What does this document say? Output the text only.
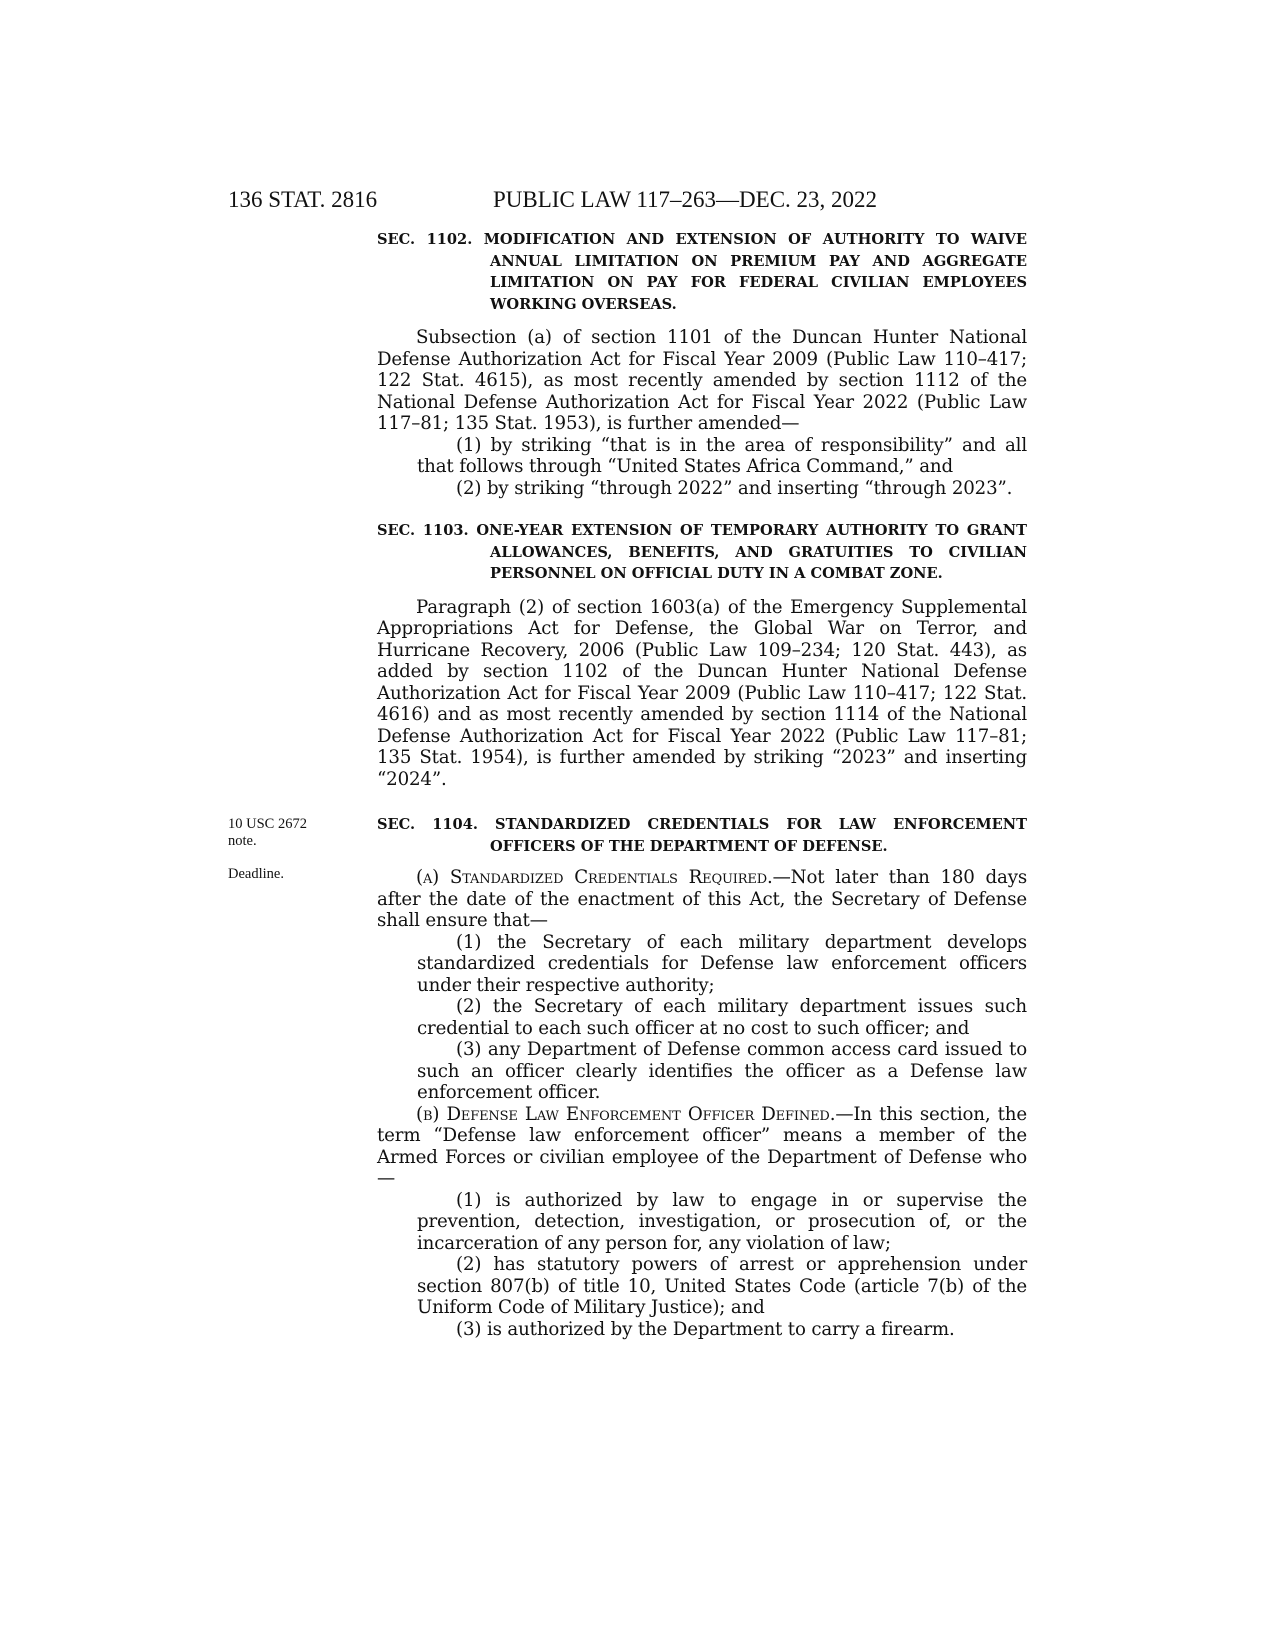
136 STAT. 2816	PUBLIC LAW 117–263—DEC. 23, 2022

SEC. 1102. MODIFICATION AND EXTENSION OF AUTHORITY TO WAIVE ANNUAL LIMITATION ON PREMIUM PAY AND AGGREGATE LIMITATION ON PAY FOR FEDERAL CIVILIAN EMPLOYEES WORKING OVERSEAS.

Subsection (a) of section 1101 of the Duncan Hunter National Defense Authorization Act for Fiscal Year 2009 (Public Law 110–417; 122 Stat. 4615), as most recently amended by section 1112 of the National Defense Authorization Act for Fiscal Year 2022 (Public Law 117–81; 135 Stat. 1953), is further amended—

(1) by striking “that is in the area of responsibility” and all that follows through “United States Africa Command,” and

(2) by striking “through 2022” and inserting “through 2023”.

SEC. 1103. ONE-YEAR EXTENSION OF TEMPORARY AUTHORITY TO GRANT ALLOWANCES, BENEFITS, AND GRATUITIES TO CIVILIAN PERSONNEL ON OFFICIAL DUTY IN A COMBAT ZONE.

Paragraph (2) of section 1603(a) of the Emergency Supplemental Appropriations Act for Defense, the Global War on Terror, and Hurricane Recovery, 2006 (Public Law 109–234; 120 Stat. 443), as added by section 1102 of the Duncan Hunter National Defense Authorization Act for Fiscal Year 2009 (Public Law 110–417; 122 Stat. 4616) and as most recently amended by section 1114 of the National Defense Authorization Act for Fiscal Year 2022 (Public Law 117–81; 135 Stat. 1954), is further amended by striking “2023” and inserting “2024”.

10 USC 2672 note.
Deadline.

SEC. 1104. STANDARDIZED CREDENTIALS FOR LAW ENFORCEMENT OFFICERS OF THE DEPARTMENT OF DEFENSE.

(a) Standardized Credentials Required.—Not later than 180 days after the date of the enactment of this Act, the Secretary of Defense shall ensure that—

(1) the Secretary of each military department develops standardized credentials for Defense law enforcement officers under their respective authority;

(2) the Secretary of each military department issues such credential to each such officer at no cost to such officer; and

(3) any Department of Defense common access card issued to such an officer clearly identifies the officer as a Defense law enforcement officer.

(b) Defense Law Enforcement Officer Defined.—In this section, the term “Defense law enforcement officer” means a member of the Armed Forces or civilian employee of the Department of Defense who—

(1) is authorized by law to engage in or supervise the prevention, detection, investigation, or prosecution of, or the incarceration of any person for, any violation of law;

(2) has statutory powers of arrest or apprehension under section 807(b) of title 10, United States Code (article 7(b) of the Uniform Code of Military Justice); and

(3) is authorized by the Department to carry a firearm.
